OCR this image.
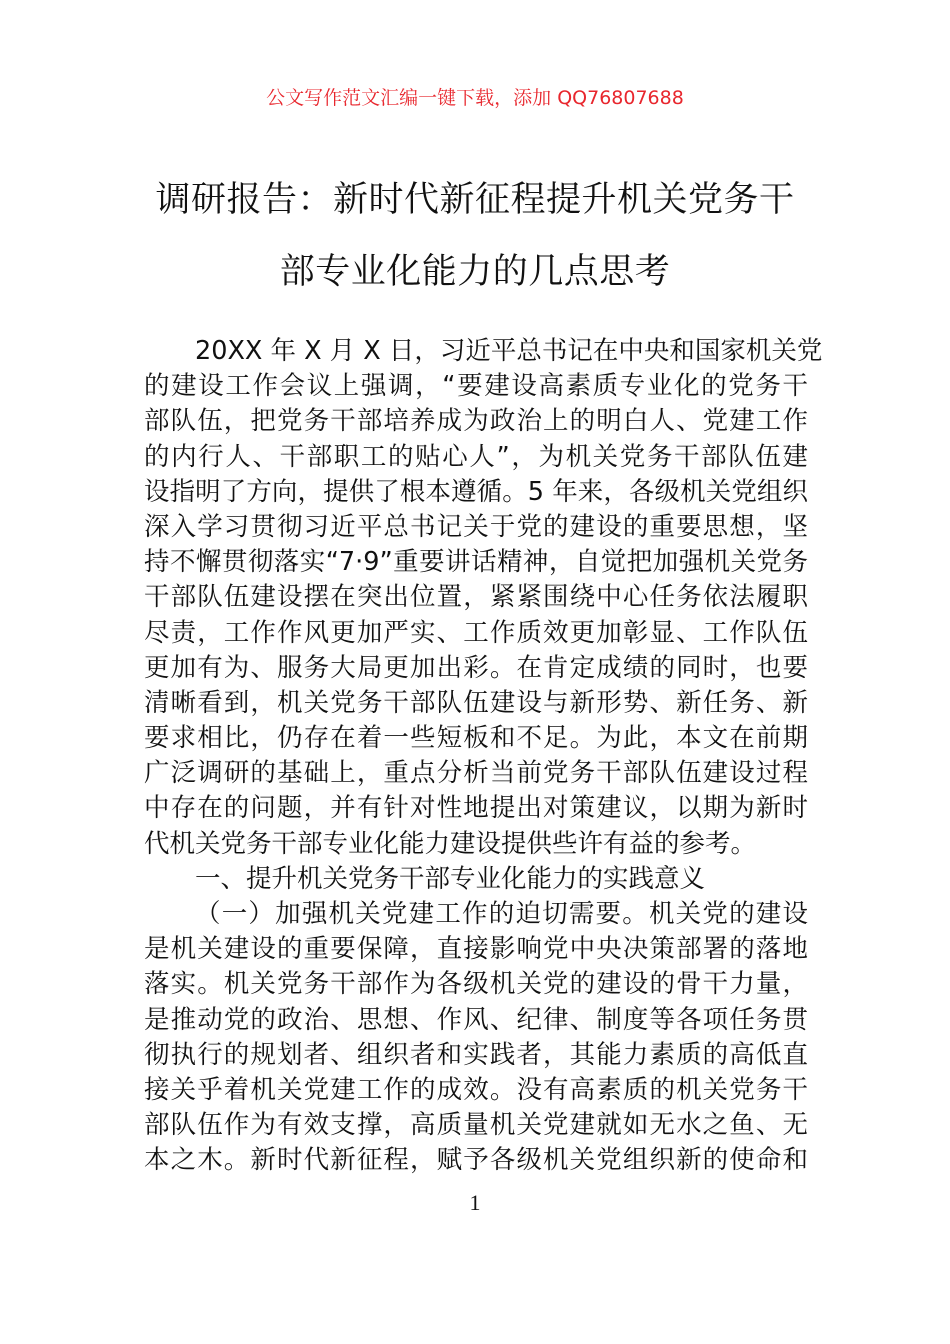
公文写作范文汇编一键下载，添加 QQ76807688
调研报告：新时代新征程提升机关党务干
部专业化能力的几点思考
20XX 年 X 月 X 日，习近平总书记在中央和国家机关党
的建设工作会议上强调，“要建设高素质专业化的党务干
部队伍，把党务干部培养成为政治上的明白人、党建工作
的内行人、干部职工的贴心人”，为机关党务干部队伍建
设指明了方向，提供了根本遵循。5 年来，各级机关党组织
深入学习贯彻习近平总书记关于党的建设的重要思想，坚
持不懈贯彻落实“7·9”重要讲话精神，自觉把加强机关党务
干部队伍建设摆在突出位置，紧紧围绕中心任务依法履职
尽责，工作作风更加严实、工作质效更加彰显、工作队伍
更加有为、服务大局更加出彩。在肯定成绩的同时，也要
清晰看到，机关党务干部队伍建设与新形势、新任务、新
要求相比，仍存在着一些短板和不足。为此，本文在前期
广泛调研的基础上，重点分析当前党务干部队伍建设过程
中存在的问题，并有针对性地提出对策建议，以期为新时
代机关党务干部专业化能力建设提供些许有益的参考。
一、提升机关党务干部专业化能力的实践意义
（一）加强机关党建工作的迫切需要。机关党的建设
是机关建设的重要保障，直接影响党中央决策部署的落地
落实。机关党务干部作为各级机关党的建设的骨干力量，
是推动党的政治、思想、作风、纪律、制度等各项任务贯
彻执行的规划者、组织者和实践者，其能力素质的高低直
接关乎着机关党建工作的成效。没有高素质的机关党务干
部队伍作为有效支撑，高质量机关党建就如无水之鱼、无
本之木。新时代新征程，赋予各级机关党组织新的使命和
1
